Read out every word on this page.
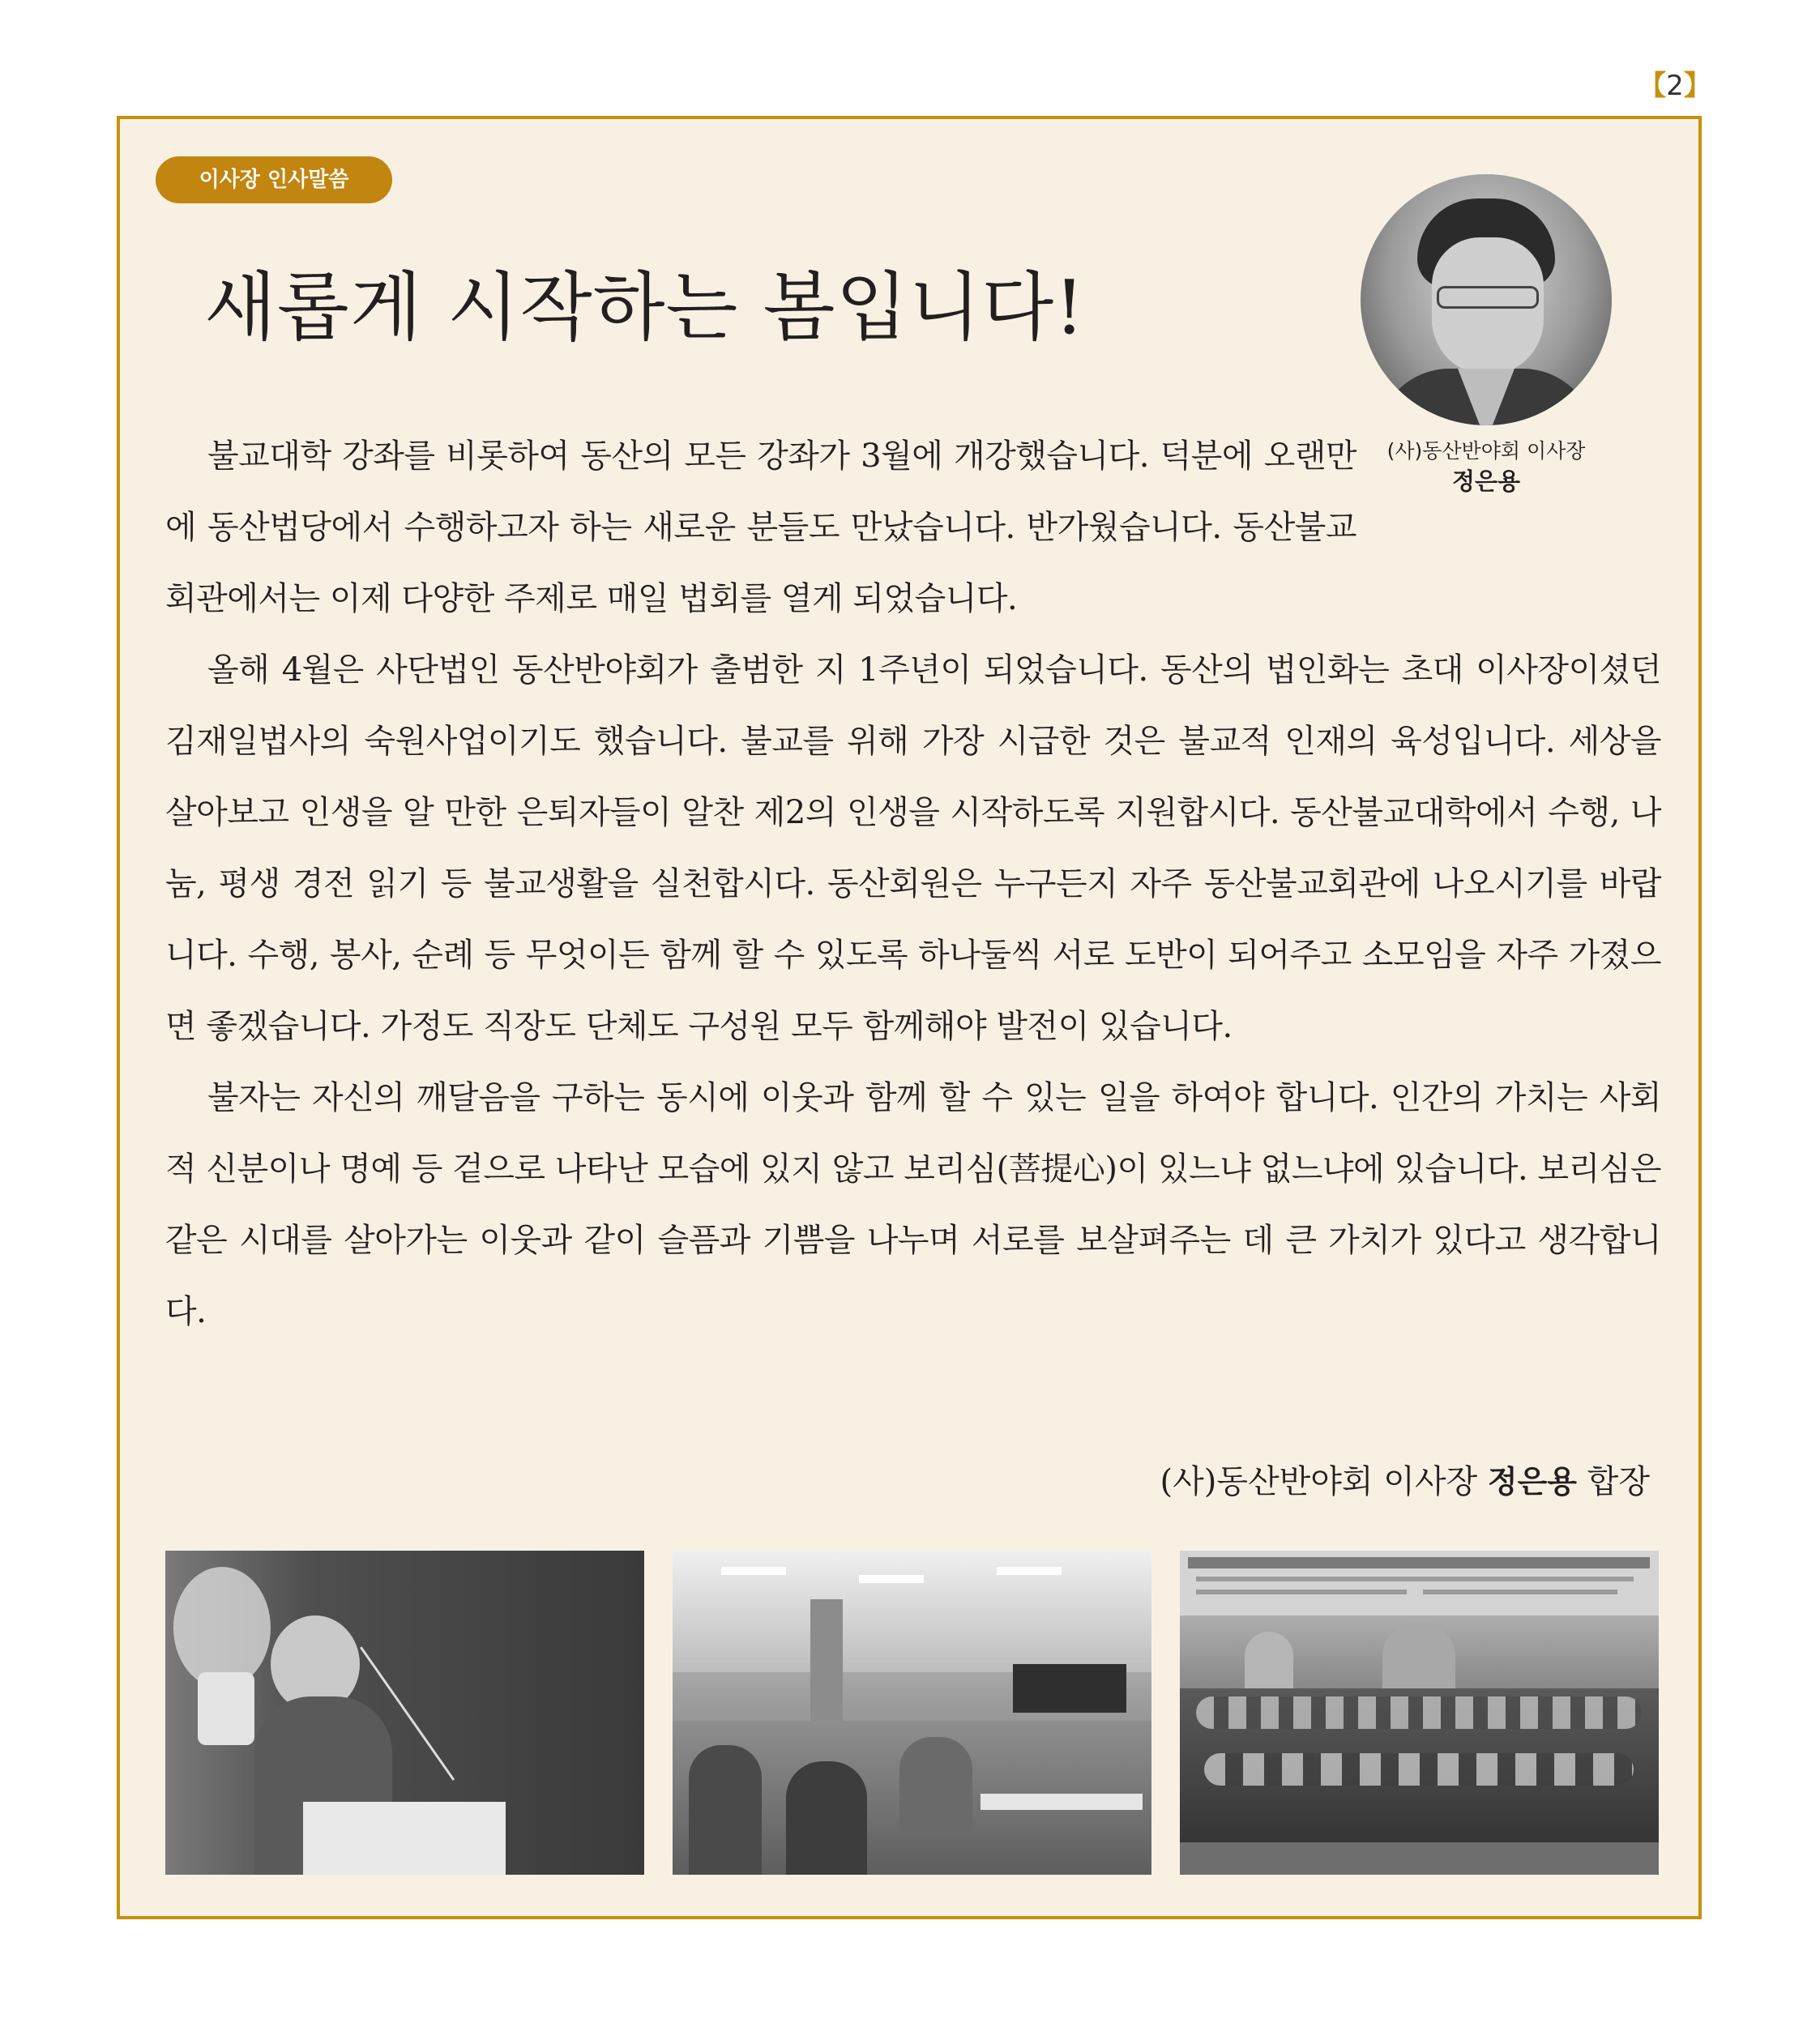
【2】
이사장 인사말씀
새롭게 시작하는 봄입니다!
(사)동산반야회 이사장
정은용

불교대학 강좌를 비롯하여 동산의 모든 강좌가 3월에 개강했습니다. 덕분에 오랜만에 동산법당에서 수행하고자 하는 새로운 분들도 만났습니다. 반가웠습니다. 동산불교회관에서는 이제 다양한 주제로 매일 법회를 열게 되었습니다.

올해 4월은 사단법인 동산반야회가 출범한 지 1주년이 되었습니다. 동산의 법인화는 초대 이사장이셨던 김재일법사의 숙원사업이기도 했습니다. 불교를 위해 가장 시급한 것은 불교적 인재의 육성입니다. 세상을 살아보고 인생을 알 만한 은퇴자들이 알찬 제2의 인생을 시작하도록 지원합시다. 동산불교대학에서 수행, 나눔, 평생 경전 읽기 등 불교생활을 실천합시다. 동산회원은 누구든지 자주 동산불교회관에 나오시기를 바랍니다. 수행, 봉사, 순례 등 무엇이든 함께 할 수 있도록 하나둘씩 서로 도반이 되어주고 소모임을 자주 가졌으면 좋겠습니다. 가정도 직장도 단체도 구성원 모두 함께해야 발전이 있습니다.

불자는 자신의 깨달음을 구하는 동시에 이웃과 함께 할 수 있는 일을 하여야 합니다. 인간의 가치는 사회적 신분이나 명예 등 겉으로 나타난 모습에 있지 않고 보리심(菩提心)이 있느냐 없느냐에 있습니다. 보리심은 같은 시대를 살아가는 이웃과 같이 슬픔과 기쁨을 나누며 서로를 보살펴주는 데 큰 가치가 있다고 생각합니다.

(사)동산반야회 이사장 정은용 합장
